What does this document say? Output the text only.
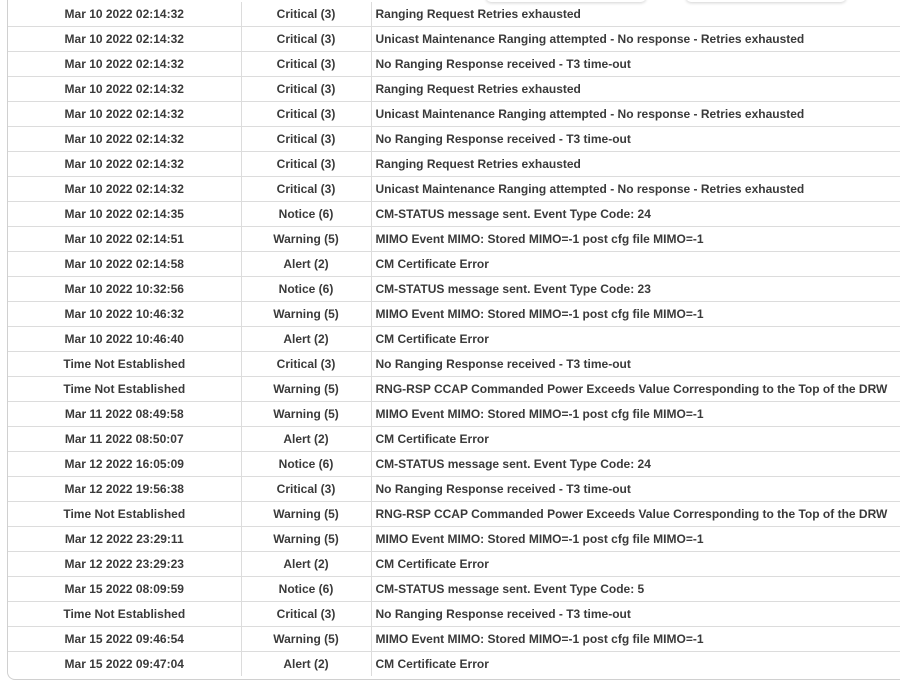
Mar 10 2022 02:14:32	Critical (3)	Ranging Request Retries exhausted
Mar 10 2022 02:14:32	Critical (3)	Unicast Maintenance Ranging attempted - No response - Retries exhausted
Mar 10 2022 02:14:32	Critical (3)	No Ranging Response received - T3 time-out
Mar 10 2022 02:14:32	Critical (3)	Ranging Request Retries exhausted
Mar 10 2022 02:14:32	Critical (3)	Unicast Maintenance Ranging attempted - No response - Retries exhausted
Mar 10 2022 02:14:32	Critical (3)	No Ranging Response received - T3 time-out
Mar 10 2022 02:14:32	Critical (3)	Ranging Request Retries exhausted
Mar 10 2022 02:14:32	Critical (3)	Unicast Maintenance Ranging attempted - No response - Retries exhausted
Mar 10 2022 02:14:35	Notice (6)	CM-STATUS message sent. Event Type Code: 24
Mar 10 2022 02:14:51	Warning (5)	MIMO Event MIMO: Stored MIMO=-1 post cfg file MIMO=-1
Mar 10 2022 02:14:58	Alert (2)	CM Certificate Error
Mar 10 2022 10:32:56	Notice (6)	CM-STATUS message sent. Event Type Code: 23
Mar 10 2022 10:46:32	Warning (5)	MIMO Event MIMO: Stored MIMO=-1 post cfg file MIMO=-1
Mar 10 2022 10:46:40	Alert (2)	CM Certificate Error
Time Not Established	Critical (3)	No Ranging Response received - T3 time-out
Time Not Established	Warning (5)	RNG-RSP CCAP Commanded Power Exceeds Value Corresponding to the Top of the DRW
Mar 11 2022 08:49:58	Warning (5)	MIMO Event MIMO: Stored MIMO=-1 post cfg file MIMO=-1
Mar 11 2022 08:50:07	Alert (2)	CM Certificate Error
Mar 12 2022 16:05:09	Notice (6)	CM-STATUS message sent. Event Type Code: 24
Mar 12 2022 19:56:38	Critical (3)	No Ranging Response received - T3 time-out
Time Not Established	Warning (5)	RNG-RSP CCAP Commanded Power Exceeds Value Corresponding to the Top of the DRW
Mar 12 2022 23:29:11	Warning (5)	MIMO Event MIMO: Stored MIMO=-1 post cfg file MIMO=-1
Mar 12 2022 23:29:23	Alert (2)	CM Certificate Error
Mar 15 2022 08:09:59	Notice (6)	CM-STATUS message sent. Event Type Code: 5
Time Not Established	Critical (3)	No Ranging Response received - T3 time-out
Mar 15 2022 09:46:54	Warning (5)	MIMO Event MIMO: Stored MIMO=-1 post cfg file MIMO=-1
Mar 15 2022 09:47:04	Alert (2)	CM Certificate Error
